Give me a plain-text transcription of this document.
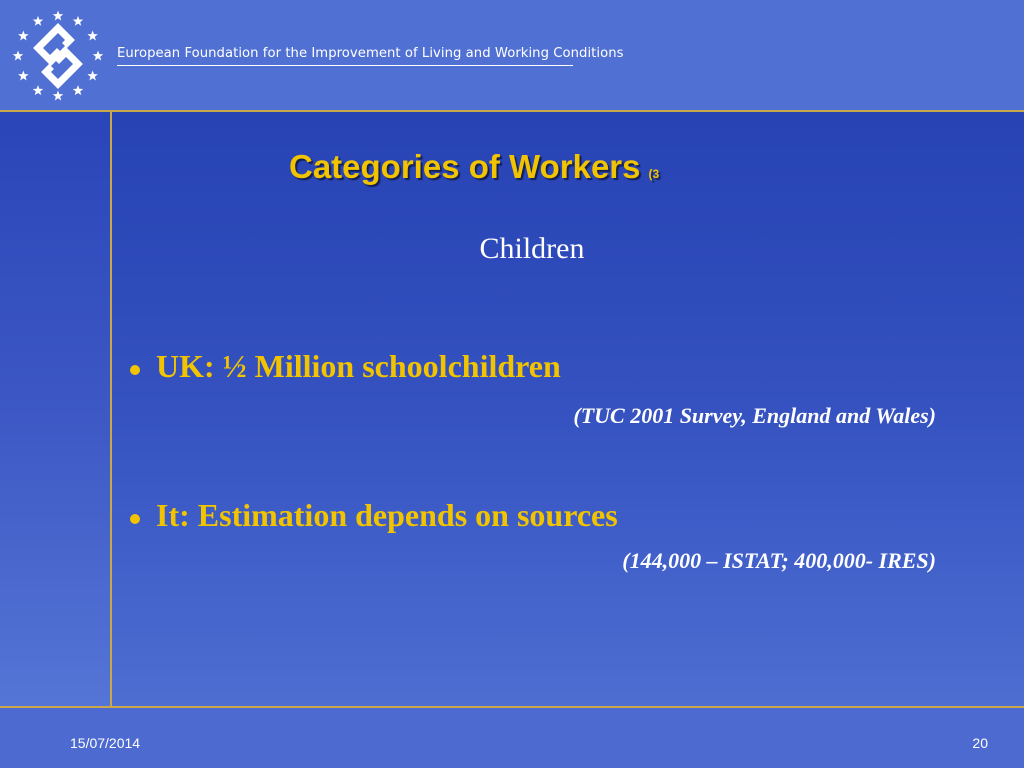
European Foundation for the Improvement of Living and Working Conditions
Categories of Workers (3
Children
UK: ½ Million schoolchildren
(TUC 2001 Survey, England and Wales)
It: Estimation depends on sources
(144,000 – ISTAT; 400,000- IRES)
15/07/2014	20
